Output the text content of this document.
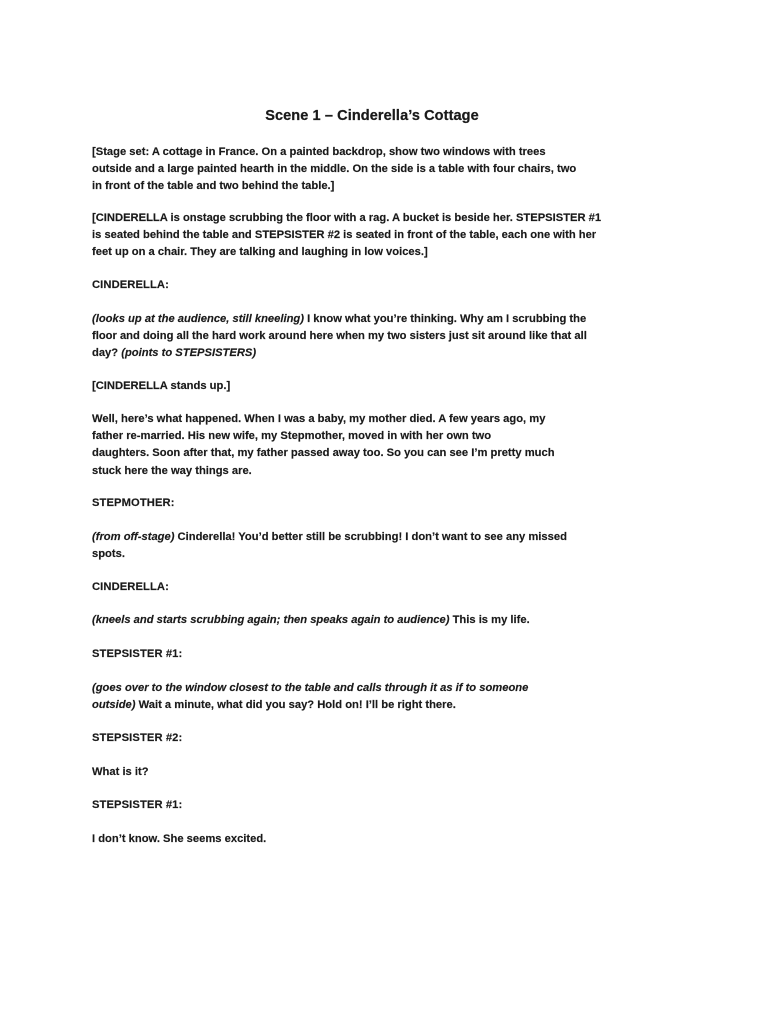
Scene 1 – Cinderella’s Cottage
[Stage set: A cottage in France. On a painted backdrop, show two windows with trees
outside and a large painted hearth in the middle. On the side is a table with four chairs, two
in front of the table and two behind the table.]
[CINDERELLA is onstage scrubbing the floor with a rag. A bucket is beside her. STEPSISTER #1
is seated behind the table and STEPSISTER #2 is seated in front of the table, each one with her
feet up on a chair. They are talking and laughing in low voices.]
CINDERELLA:
(looks up at the audience, still kneeling) I know what you’re thinking. Why am I scrubbing the
floor and doing all the hard work around here when my two sisters just sit around like that all
day? (points to STEPSISTERS)
[CINDERELLA stands up.]
Well, here’s what happened. When I was a baby, my mother died. A few years ago, my
father re-married. His new wife, my Stepmother, moved in with her own two
daughters. Soon after that, my father passed away too. So you can see I’m pretty much
stuck here the way things are.
STEPMOTHER:
(from off-stage) Cinderella! You’d better still be scrubbing! I don’t want to see any missed
spots.
CINDERELLA:
(kneels and starts scrubbing again; then speaks again to audience) This is my life.
STEPSISTER #1:
(goes over to the window closest to the table and calls through it as if to someone
outside) Wait a minute, what did you say? Hold on! I’ll be right there.
STEPSISTER #2:
What is it?
STEPSISTER #1:
I don’t know. She seems excited.
